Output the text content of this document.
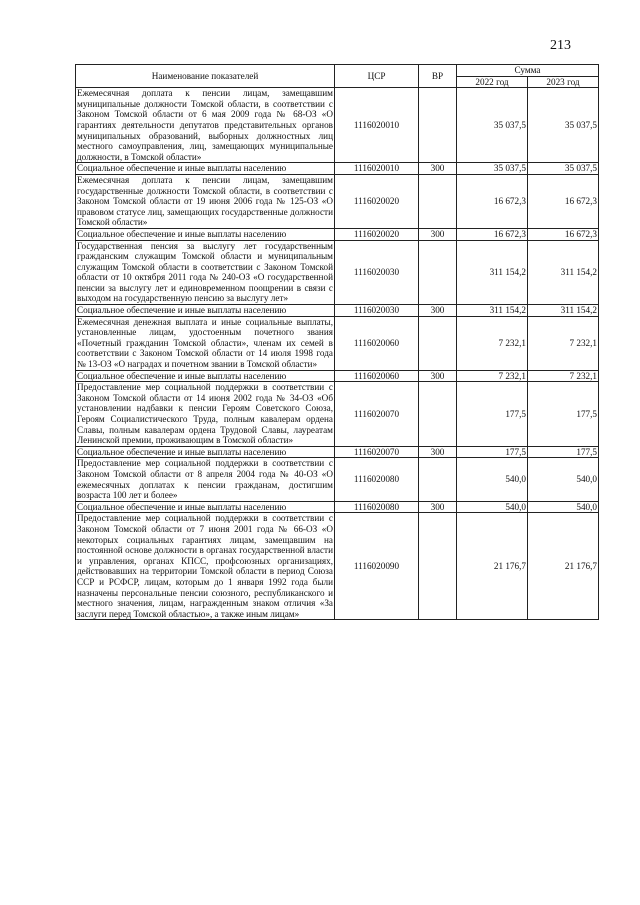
213
Наименование показателей	ЦСР	ВР	Сумма	
			2022 год	2023 год
Ежемесячная доплата к пенсии лицам, замещавшим муниципальные должности Томской области, в соответствии с Законом Томской области от 6 мая 2009 года № 68-ОЗ «О гарантиях деятельности депутатов представительных органов муниципальных образований, выборных должностных лиц местного самоуправления, лиц, замещающих муниципальные должности, в Томской области»	1116020010		35 037,5	35 037,5
Социальное обеспечение и иные выплаты населению	1116020010	300	35 037,5	35 037,5
Ежемесячная доплата к пенсии лицам, замещавшим государственные должности Томской области, в соответствии с Законом Томской области от 19 июня 2006 года № 125-ОЗ «О правовом статусе лиц, замещающих государственные должности Томской области»	1116020020		16 672,3	16 672,3
Социальное обеспечение и иные выплаты населению	1116020020	300	16 672,3	16 672,3
Государственная пенсия за выслугу лет государственным гражданским служащим Томской области и муниципальным служащим Томской области в соответствии с Законом Томской области от 10 октября 2011 года № 240-ОЗ «О государственной пенсии за выслугу лет и единовременном поощрении в связи с выходом на государственную пенсию за выслугу лет»	1116020030		311 154,2	311 154,2
Социальное обеспечение и иные выплаты населению	1116020030	300	311 154,2	311 154,2
Ежемесячная денежная выплата и иные социальные выплаты, установленные лицам, удостоенным почетного звания «Почетный гражданин Томской области», членам их семей в соответствии с Законом Томской области от 14 июля 1998 года № 13-ОЗ «О наградах и почетном звании в Томской области»	1116020060		7 232,1	7 232,1
Социальное обеспечение и иные выплаты населению	1116020060	300	7 232,1	7 232,1
Предоставление мер социальной поддержки в соответствии с Законом Томской области от 14 июня 2002 года № 34-ОЗ «Об установлении надбавки к пенсии Героям Советского Союза, Героям Социалистического Труда, полным кавалерам ордена Славы, полным кавалерам ордена Трудовой Славы, лауреатам Ленинской премии, проживающим в Томской области»	1116020070		177,5	177,5
Социальное обеспечение и иные выплаты населению	1116020070	300	177,5	177,5
Предоставление мер социальной поддержки в соответствии с Законом Томской области от 8 апреля 2004 года № 40-ОЗ «О ежемесячных доплатах к пенсии гражданам, достигшим возраста 100 лет и более»	1116020080		540,0	540,0
Социальное обеспечение и иные выплаты населению	1116020080	300	540,0	540,0
Предоставление мер социальной поддержки в соответствии с Законом Томской области от 7 июня 2001 года № 66-ОЗ «О некоторых социальных гарантиях лицам, замещавшим на постоянной основе должности в органах государственной власти и управления, органах КПСС, профсоюзных организациях, действовавших на территории Томской области в период Союза ССР и РСФСР, лицам, которым до 1 января 1992 года были назначены персональные пенсии союзного, республиканского и местного значения, лицам, награжденным знаком отличия «За заслуги перед Томской областью», а также иным лицам»	1116020090		21 176,7	21 176,7
